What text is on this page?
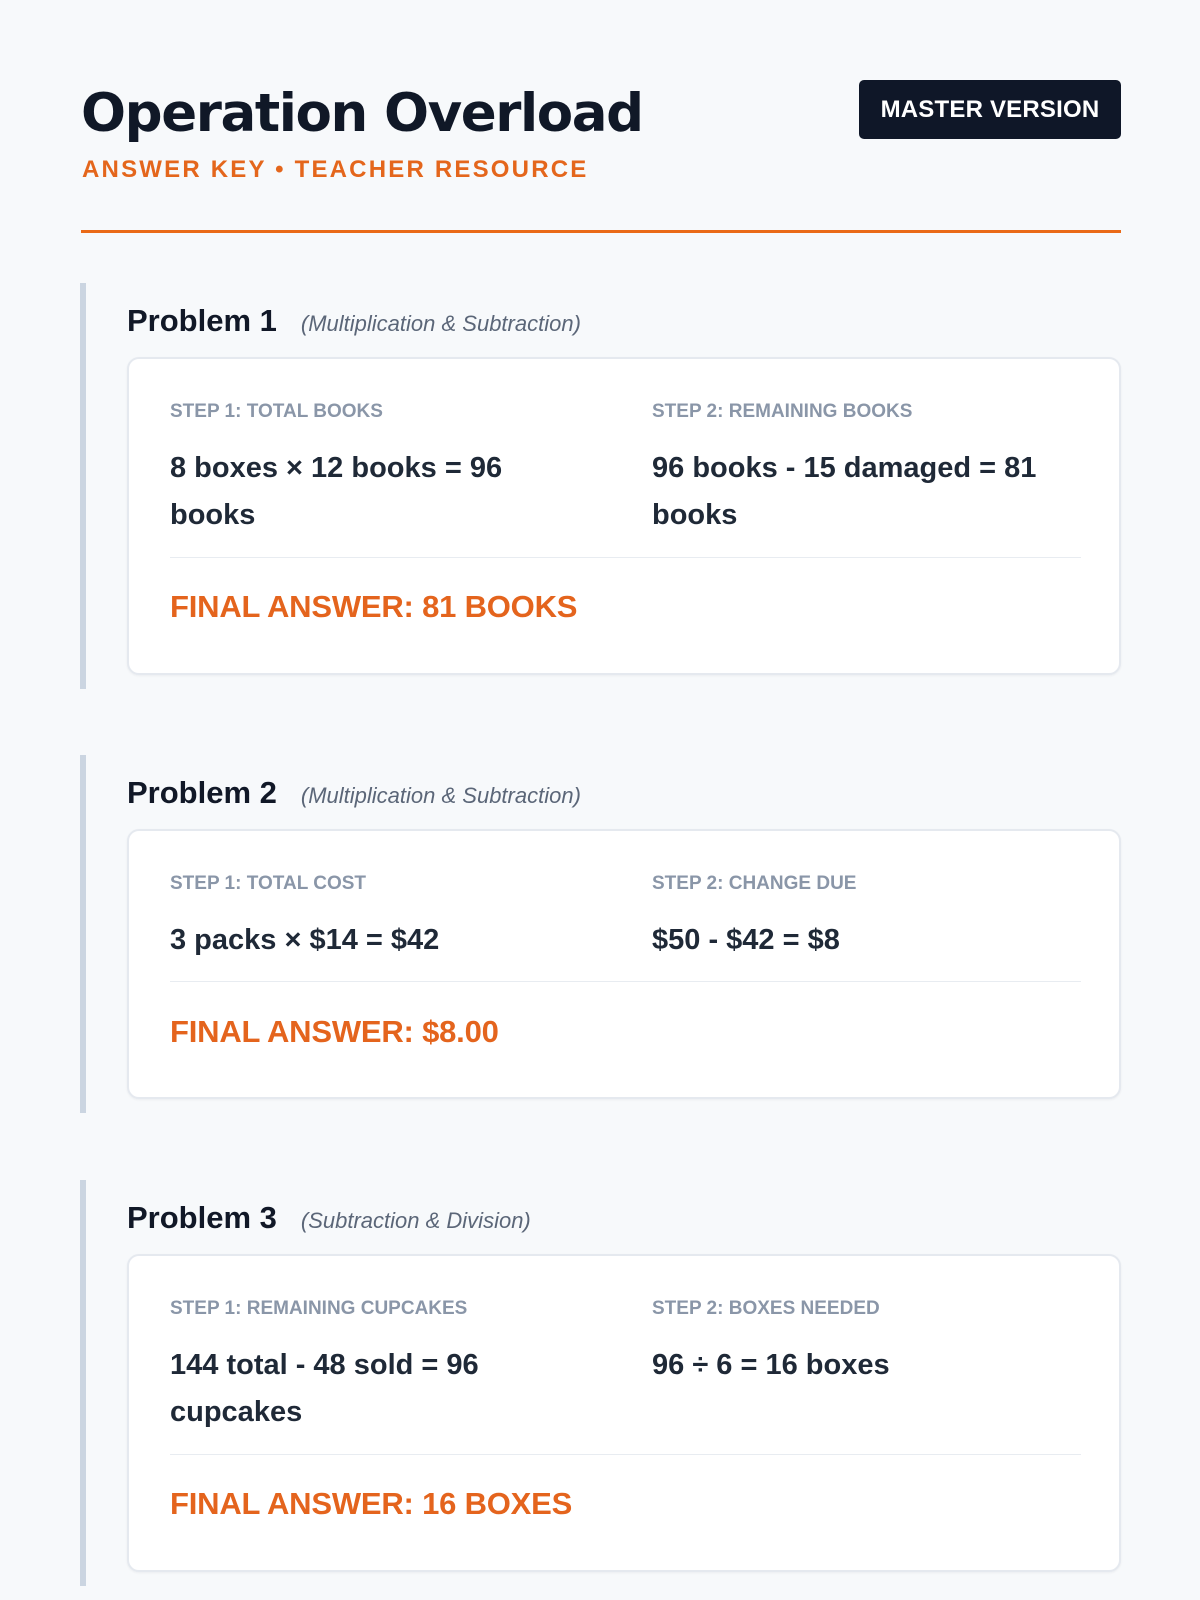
Operation Overload
ANSWER KEY • TEACHER RESOURCE
MASTER VERSION
Problem 1 (Multiplication & Subtraction)
STEP 1: TOTAL BOOKS
8 boxes × 12 books = 96 books
STEP 2: REMAINING BOOKS
96 books - 15 damaged = 81 books
FINAL ANSWER: 81 BOOKS
Problem 2 (Multiplication & Subtraction)
STEP 1: TOTAL COST
3 packs × $14 = $42
STEP 2: CHANGE DUE
$50 - $42 = $8
FINAL ANSWER: $8.00
Problem 3 (Subtraction & Division)
STEP 1: REMAINING CUPCAKES
144 total - 48 sold = 96 cupcakes
STEP 2: BOXES NEEDED
96 ÷ 6 = 16 boxes
FINAL ANSWER: 16 BOXES
